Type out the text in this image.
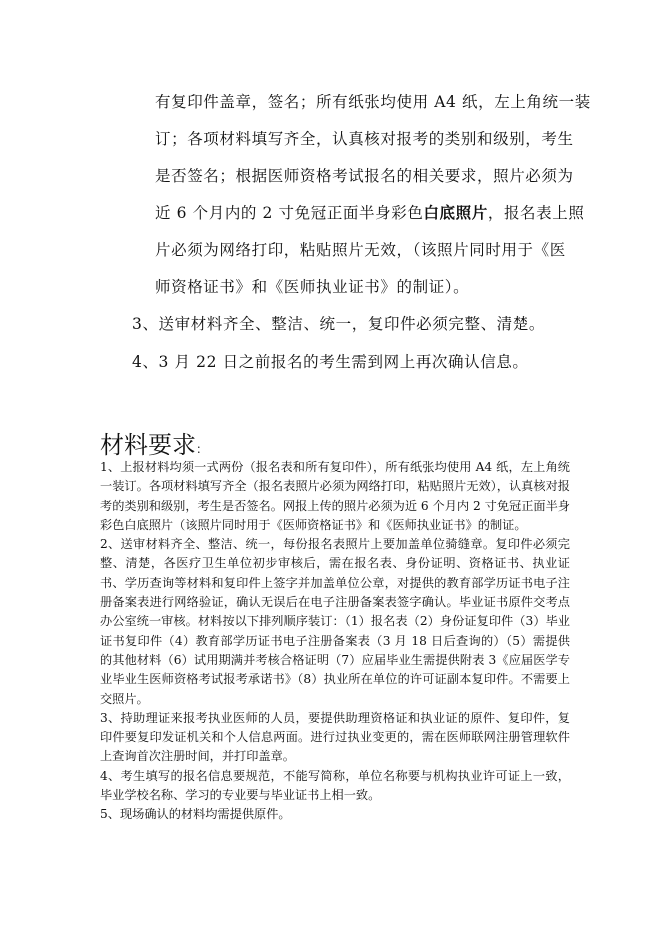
有复印件盖章，签名；所有纸张均使用 A4 纸，左上角统一装
订；各项材料填写齐全，认真核对报考的类别和级别，考生
是否签名；根据医师资格考试报名的相关要求，照片必须为
近 6 个月内的 2 寸免冠正面半身彩色白底照片，报名表上照
片必须为网络打印，粘贴照片无效，（该照片同时用于《医
师资格证书》和《医师执业证书》的制证）。
3、送审材料齐全、整洁、统一，复印件必须完整、清楚。
4、3 月 22 日之前报名的考生需到网上再次确认信息。
材料要求：

1、上报材料均须一式两份（报名表和所有复印件），所有纸张均使用 A4 纸，左上角统一装订。各项材料填写齐全（报名表照片必须为网络打印，粘贴照片无效），认真核对报考的类别和级别，考生是否签名。网报上传的照片必须为近 6 个月内 2 寸免冠正面半身彩色白底照片（该照片同时用于《医师资格证书》和《医师执业证书》的制证。

2、送审材料齐全、整洁、统一，每份报名表照片上要加盖单位骑缝章。复印件必须完整、清楚，各医疗卫生单位初步审核后，需在报名表、身份证明、资格证书、执业证书、学历查询等材料和复印件上签字并加盖单位公章，对提供的教育部学历证书电子注册备案表进行网络验证，确认无误后在电子注册备案表签字确认。毕业证书原件交考点办公室统一审核。材料按以下排列顺序装订：（1）报名表（2）身份证复印件（3）毕业证书复印件（4）教育部学历证书电子注册备案表（3 月 18 日后查询的）（5）需提供的其他材料（6）试用期满并考核合格证明（7）应届毕业生需提供附表 3《应届医学专业毕业生医师资格考试报考承诺书》（8）执业所在单位的许可证副本复印件。不需要上交照片。

3、持助理证来报考执业医师的人员，要提供助理资格证和执业证的原件、复印件，复印件要复印发证机关和个人信息两面。进行过执业变更的，需在医师联网注册管理软件上查询首次注册时间，并打印盖章。

4、考生填写的报名信息要规范，不能写简称，单位名称要与机构执业许可证上一致，毕业学校名称、学习的专业要与毕业证书上相一致。

5、现场确认的材料均需提供原件。
